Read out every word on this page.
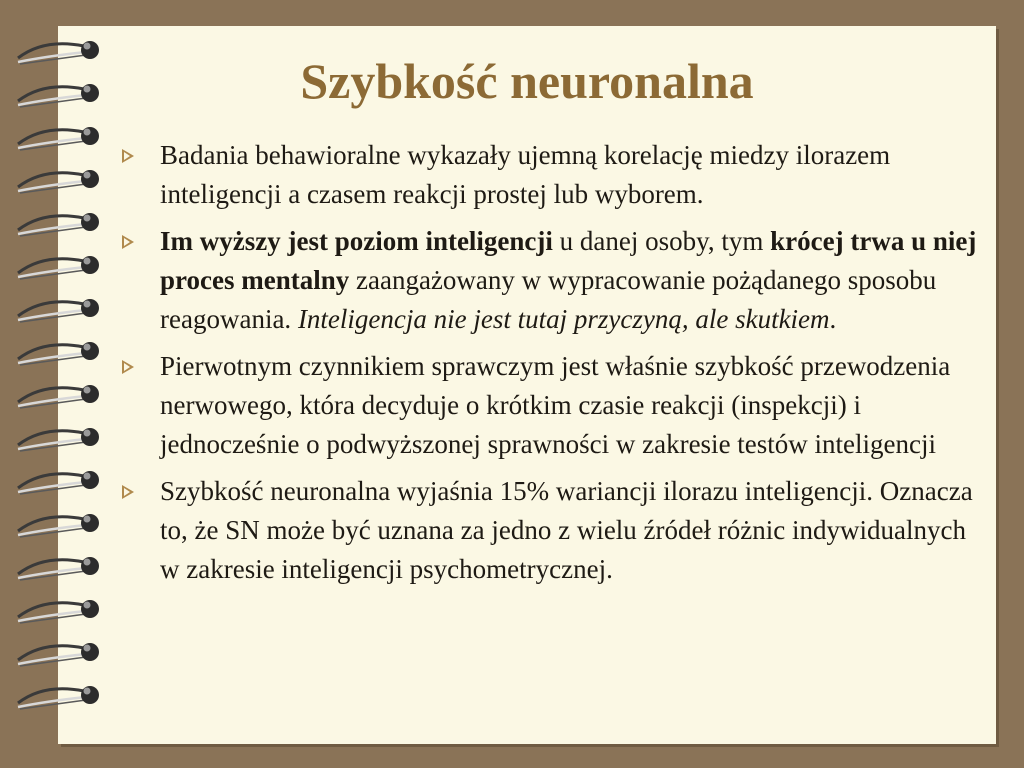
Szybkość neuronalna
Badania behawioralne wykazały ujemną korelację miedzy ilorazem inteligencji a czasem reakcji prostej lub wyborem.
Im wyższy jest poziom inteligencji u danej osoby, tym krócej trwa u niej proces mentalny zaangażowany w wypracowanie pożądanego sposobu reagowania. Inteligencja nie jest tutaj przyczyną, ale skutkiem.
Pierwotnym czynnikiem sprawczym jest właśnie szybkość przewodzenia nerwowego, która decyduje o krótkim czasie reakcji (inspekcji) i jednocześnie o podwyższonej sprawności w zakresie testów inteligencji
Szybkość neuronalna wyjaśnia 15% wariancji ilorazu inteligencji. Oznacza to, że SN może być uznana za jedno z wielu źródeł różnic indywidualnych w zakresie inteligencji psychometrycznej.
